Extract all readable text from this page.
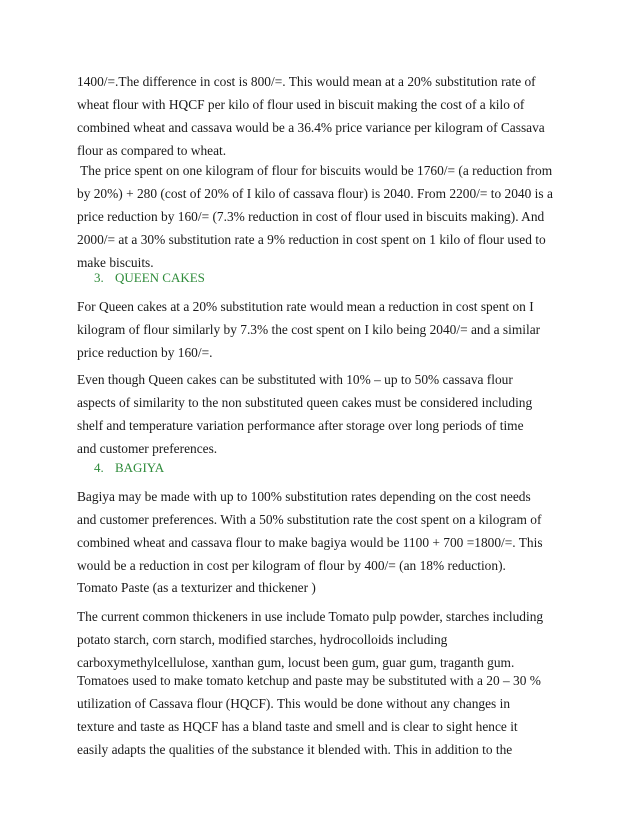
1400/=.The difference in cost is 800/=. This would mean at a 20% substitution rate of
wheat flour with HQCF per kilo of flour used in biscuit making the cost of a kilo of
combined wheat and cassava would be a 36.4% price variance per kilogram of Cassava
flour as compared to wheat.
The price spent on one kilogram of flour for biscuits would be 1760/= (a reduction from
by 20%) + 280 (cost of 20% of I kilo of cassava flour) is 2040. From 2200/= to 2040 is a
price reduction by 160/= (7.3% reduction in cost of flour used in biscuits making). And
2000/= at a 30% substitution rate a 9% reduction in cost spent on 1 kilo of flour used to
make biscuits.
3. QUEEN CAKES
For Queen cakes at a 20% substitution rate would mean a reduction in cost spent on I
kilogram of flour similarly by 7.3% the cost spent on I kilo being 2040/= and a similar
price reduction by 160/=.
Even though Queen cakes can be substituted with 10% – up to 50% cassava flour
aspects of similarity to the non substituted queen cakes must be considered including
shelf and temperature variation performance after storage over long periods of time
and customer preferences.
4. BAGIYA
Bagiya may be made with up to 100% substitution rates depending on the cost needs
and customer preferences. With a 50% substitution rate the cost spent on a kilogram of
combined wheat and cassava flour to make bagiya would be 1100 + 700 =1800/=. This
would be a reduction in cost per kilogram of flour by 400/= (an 18% reduction).
Tomato Paste (as a texturizer and thickener )
The current common thickeners in use include Tomato pulp powder, starches including
potato starch, corn starch, modified starches, hydrocolloids including
carboxymethylcellulose, xanthan gum, locust been gum, guar gum, traganth gum.
Tomatoes used to make tomato ketchup and paste may be substituted with a 20 – 30 %
utilization of Cassava flour (HQCF). This would be done without any changes in
texture and taste as HQCF has a bland taste and smell and is clear to sight hence it
easily adapts the qualities of the substance it blended with. This in addition to the
